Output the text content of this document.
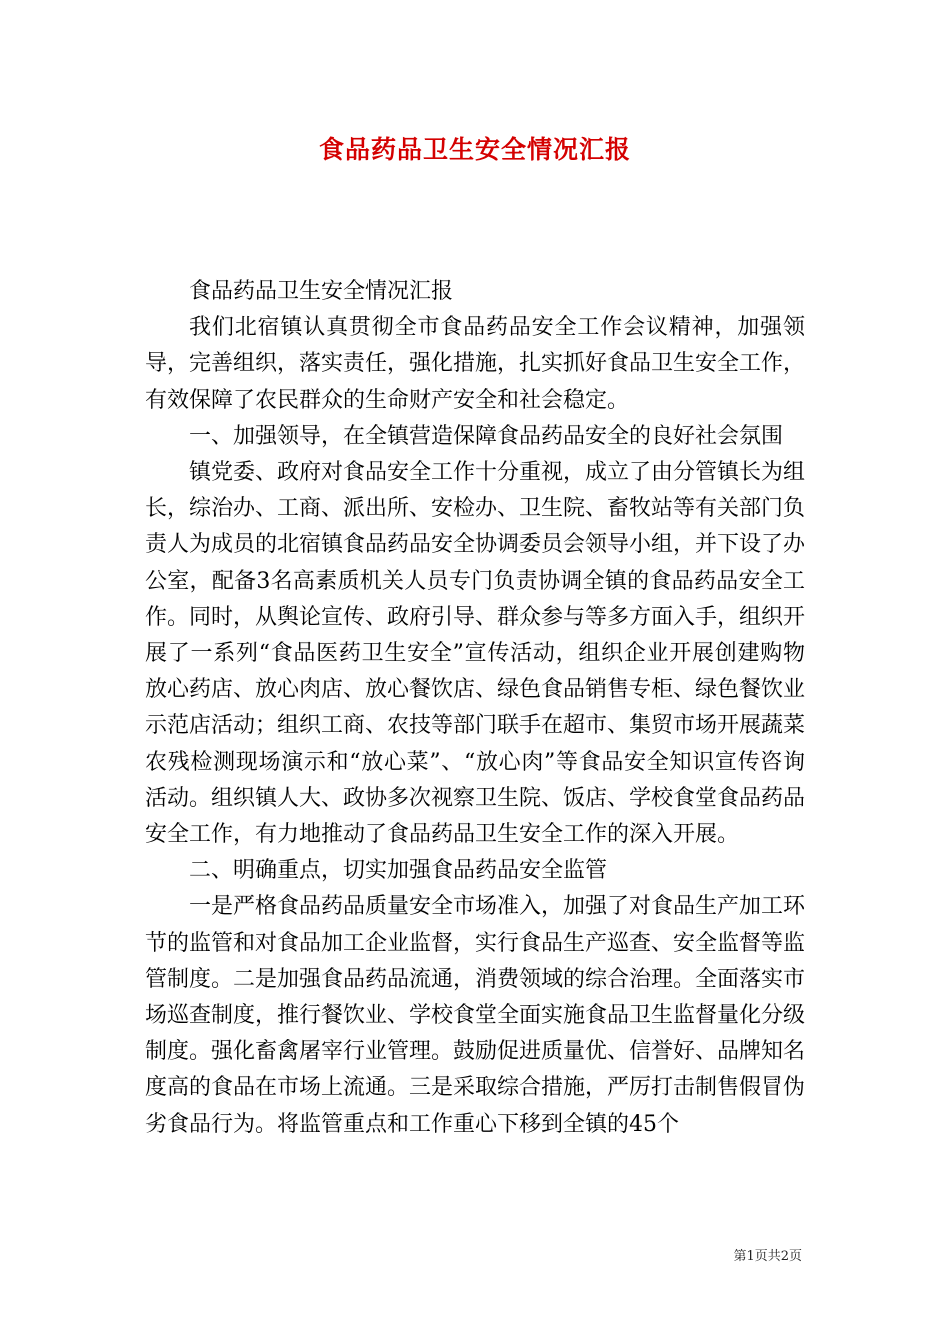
食品药品卫生安全情况汇报

食品药品卫生安全情况汇报

我们北宿镇认真贯彻全市食品药品安全工作会议精神，加强领导，完善组织，落实责任，强化措施，扎实抓好食品卫生安全工作，有效保障了农民群众的生命财产安全和社会稳定。

一、加强领导，在全镇营造保障食品药品安全的良好社会氛围

镇党委、政府对食品安全工作十分重视，成立了由分管镇长为组长，综治办、工商、派出所、安检办、卫生院、畜牧站等有关部门负责人为成员的北宿镇食品药品安全协调委员会领导小组，并下设了办公室，配备3名高素质机关人员专门负责协调全镇的食品药品安全工作。同时，从舆论宣传、政府引导、群众参与等多方面入手，组织开展了一系列“食品医药卫生安全”宣传活动，组织企业开展创建购物放心药店、放心肉店、放心餐饮店、绿色食品销售专柜、绿色餐饮业示范店活动；组织工商、农技等部门联手在超市、集贸市场开展蔬菜农残检测现场演示和“放心菜”、“放心肉”等食品安全知识宣传咨询活动。组织镇人大、政协多次视察卫生院、饭店、学校食堂食品药品安全工作，有力地推动了食品药品卫生安全工作的深入开展。

二、明确重点，切实加强食品药品安全监管

一是严格食品药品质量安全市场准入，加强了对食品生产加工环节的监管和对食品加工企业监督，实行食品生产巡查、安全监督等监管制度。二是加强食品药品流通，消费领域的综合治理。全面落实市场巡查制度，推行餐饮业、学校食堂全面实施食品卫生监督量化分级制度。强化畜禽屠宰行业管理。鼓励促进质量优、信誉好、品牌知名度高的食品在市场上流通。三是采取综合措施，严厉打击制售假冒伪劣食品行为。将监管重点和工作重心下移到全镇的45个

第1页共2页
